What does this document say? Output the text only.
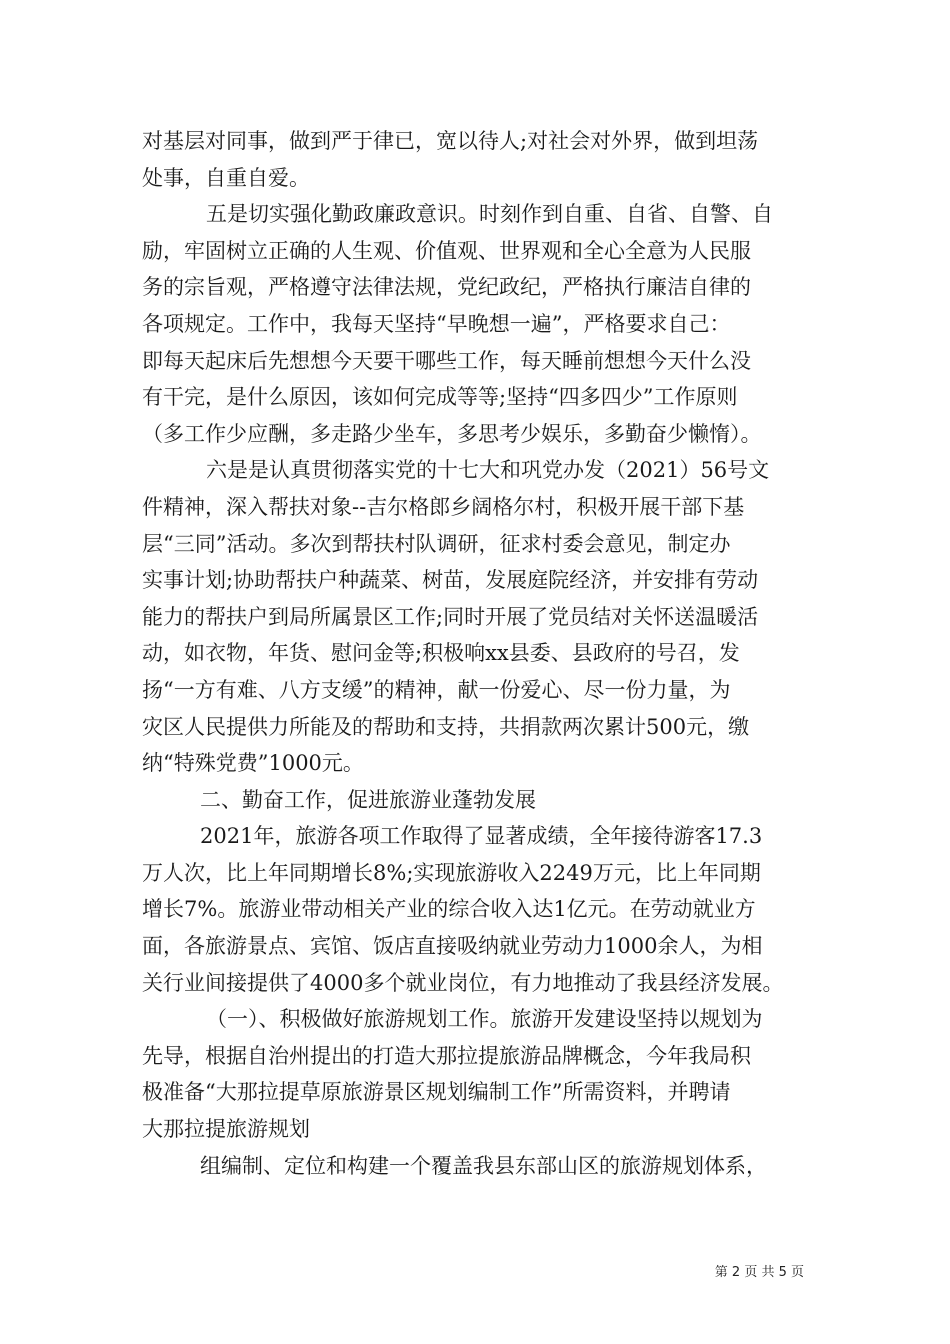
对基层对同事，做到严于律已，宽以待人;对社会对外界，做到坦荡
处事，自重自爱。
五是切实强化勤政廉政意识。时刻作到自重、自省、自警、自
励，牢固树立正确的人生观、价值观、世界观和全心全意为人民服
务的宗旨观，严格遵守法律法规，党纪政纪，严格执行廉洁自律的
各项规定。工作中，我每天坚持“早晚想一遍”，严格要求自己：
即每天起床后先想想今天要干哪些工作，每天睡前想想今天什么没
有干完，是什么原因，该如何完成等等;坚持“四多四少”工作原则
（多工作少应酬，多走路少坐车，多思考少娱乐，多勤奋少懒惰）。
六是是认真贯彻落实党的十七大和巩党办发（2021）56号文
件精神，深入帮扶对象--吉尔格郎乡阔格尔村，积极开展干部下基
层“三同”活动。多次到帮扶村队调研，征求村委会意见，制定办
实事计划;协助帮扶户种蔬菜、树苗，发展庭院经济，并安排有劳动
能力的帮扶户到局所属景区工作;同时开展了党员结对关怀送温暖活
动，如衣物，年货、慰问金等;积极响xx县委、县政府的号召，发
扬“一方有难、八方支缓”的精神，献一份爱心、尽一份力量，为
灾区人民提供力所能及的帮助和支持，共捐款两次累计500元，缴
纳“特殊党费”1000元。
二、勤奋工作，促进旅游业蓬勃发展
2021年，旅游各项工作取得了显著成绩，全年接待游客17.3
万人次，比上年同期增长8%;实现旅游收入2249万元，比上年同期
增长7%。旅游业带动相关产业的综合收入达1亿元。在劳动就业方
面，各旅游景点、宾馆、饭店直接吸纳就业劳动力1000余人，为相
关行业间接提供了4000多个就业岗位，有力地推动了我县经济发展。
（一）、积极做好旅游规划工作。旅游开发建设坚持以规划为
先导，根据自治州提出的打造大那拉提旅游品牌概念，今年我局积
极准备“大那拉提草原旅游景区规划编制工作”所需资料，并聘请
大那拉提旅游规划
组编制、定位和构建一个覆盖我县东部山区的旅游规划体系，
第 2 页 共 5 页
